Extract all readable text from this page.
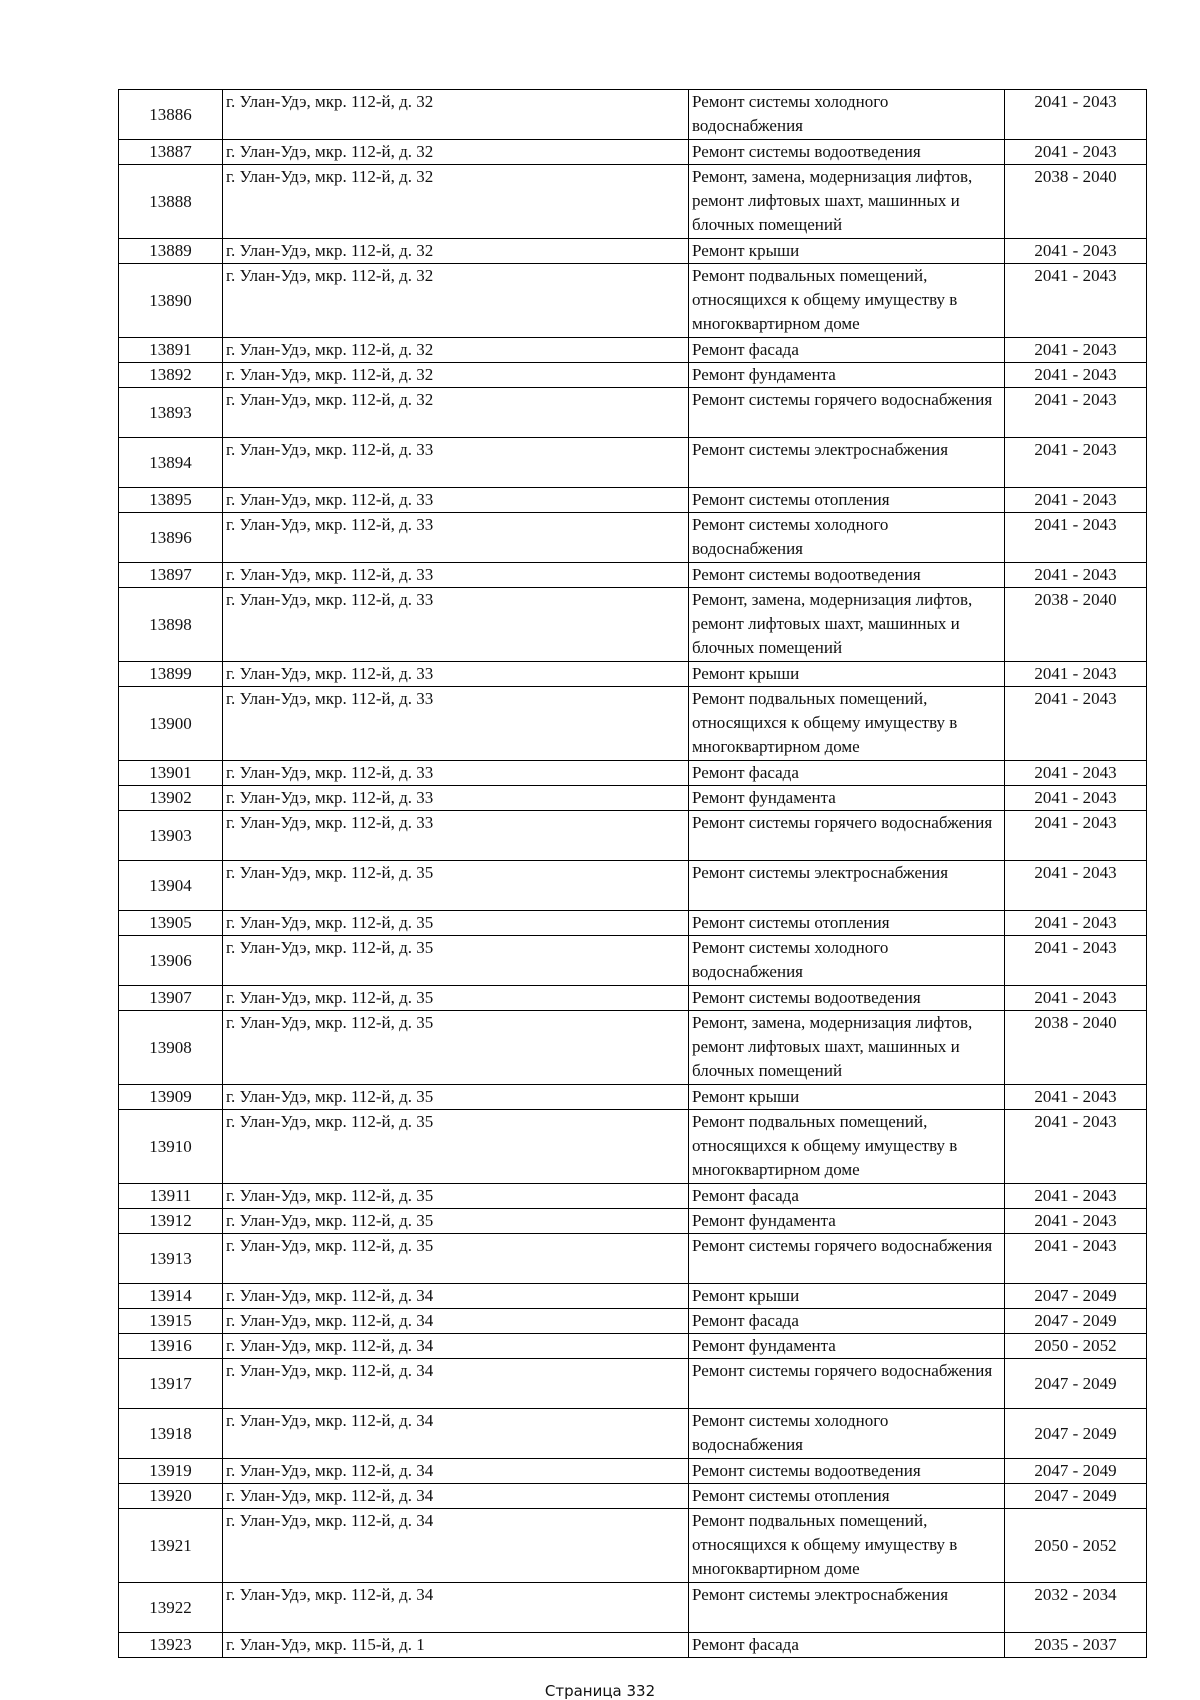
13886	г. Улан-Удэ, мкр. 112-й, д. 32	Ремонт системы холодного водоснабжения	2041 - 2043
13887	г. Улан-Удэ, мкр. 112-й, д. 32	Ремонт системы водоотведения	2041 - 2043
13888	г. Улан-Удэ, мкр. 112-й, д. 32	Ремонт, замена, модернизация лифтов, ремонт лифтовых шахт, машинных и блочных помещений	2038 - 2040
13889	г. Улан-Удэ, мкр. 112-й, д. 32	Ремонт крыши	2041 - 2043
13890	г. Улан-Удэ, мкр. 112-й, д. 32	Ремонт подвальных помещений, относящихся к общему имуществу в многоквартирном доме	2041 - 2043
13891	г. Улан-Удэ, мкр. 112-й, д. 32	Ремонт фасада	2041 - 2043
13892	г. Улан-Удэ, мкр. 112-й, д. 32	Ремонт фундамента	2041 - 2043
13893	г. Улан-Удэ, мкр. 112-й, д. 32	Ремонт системы горячего водоснабжения	2041 - 2043
13894	г. Улан-Удэ, мкр. 112-й, д. 33	Ремонт системы электроснабжения	2041 - 2043
13895	г. Улан-Удэ, мкр. 112-й, д. 33	Ремонт системы отопления	2041 - 2043
13896	г. Улан-Удэ, мкр. 112-й, д. 33	Ремонт системы холодного водоснабжения	2041 - 2043
13897	г. Улан-Удэ, мкр. 112-й, д. 33	Ремонт системы водоотведения	2041 - 2043
13898	г. Улан-Удэ, мкр. 112-й, д. 33	Ремонт, замена, модернизация лифтов, ремонт лифтовых шахт, машинных и блочных помещений	2038 - 2040
13899	г. Улан-Удэ, мкр. 112-й, д. 33	Ремонт крыши	2041 - 2043
13900	г. Улан-Удэ, мкр. 112-й, д. 33	Ремонт подвальных помещений, относящихся к общему имуществу в многоквартирном доме	2041 - 2043
13901	г. Улан-Удэ, мкр. 112-й, д. 33	Ремонт фасада	2041 - 2043
13902	г. Улан-Удэ, мкр. 112-й, д. 33	Ремонт фундамента	2041 - 2043
13903	г. Улан-Удэ, мкр. 112-й, д. 33	Ремонт системы горячего водоснабжения	2041 - 2043
13904	г. Улан-Удэ, мкр. 112-й, д. 35	Ремонт системы электроснабжения	2041 - 2043
13905	г. Улан-Удэ, мкр. 112-й, д. 35	Ремонт системы отопления	2041 - 2043
13906	г. Улан-Удэ, мкр. 112-й, д. 35	Ремонт системы холодного водоснабжения	2041 - 2043
13907	г. Улан-Удэ, мкр. 112-й, д. 35	Ремонт системы водоотведения	2041 - 2043
13908	г. Улан-Удэ, мкр. 112-й, д. 35	Ремонт, замена, модернизация лифтов, ремонт лифтовых шахт, машинных и блочных помещений	2038 - 2040
13909	г. Улан-Удэ, мкр. 112-й, д. 35	Ремонт крыши	2041 - 2043
13910	г. Улан-Удэ, мкр. 112-й, д. 35	Ремонт подвальных помещений, относящихся к общему имуществу в многоквартирном доме	2041 - 2043
13911	г. Улан-Удэ, мкр. 112-й, д. 35	Ремонт фасада	2041 - 2043
13912	г. Улан-Удэ, мкр. 112-й, д. 35	Ремонт фундамента	2041 - 2043
13913	г. Улан-Удэ, мкр. 112-й, д. 35	Ремонт системы горячего водоснабжения	2041 - 2043
13914	г. Улан-Удэ, мкр. 112-й, д. 34	Ремонт крыши	2047 - 2049
13915	г. Улан-Удэ, мкр. 112-й, д. 34	Ремонт фасада	2047 - 2049
13916	г. Улан-Удэ, мкр. 112-й, д. 34	Ремонт фундамента	2050 - 2052
13917	г. Улан-Удэ, мкр. 112-й, д. 34	Ремонт системы горячего водоснабжения	2047 - 2049
13918	г. Улан-Удэ, мкр. 112-й, д. 34	Ремонт системы холодного водоснабжения	2047 - 2049
13919	г. Улан-Удэ, мкр. 112-й, д. 34	Ремонт системы водоотведения	2047 - 2049
13920	г. Улан-Удэ, мкр. 112-й, д. 34	Ремонт системы отопления	2047 - 2049
13921	г. Улан-Удэ, мкр. 112-й, д. 34	Ремонт подвальных помещений, относящихся к общему имуществу в многоквартирном доме	2050 - 2052
13922	г. Улан-Удэ, мкр. 112-й, д. 34	Ремонт системы электроснабжения	2032 - 2034
13923	г. Улан-Удэ, мкр. 115-й, д. 1	Ремонт фасада	2035 - 2037
Страница 332
